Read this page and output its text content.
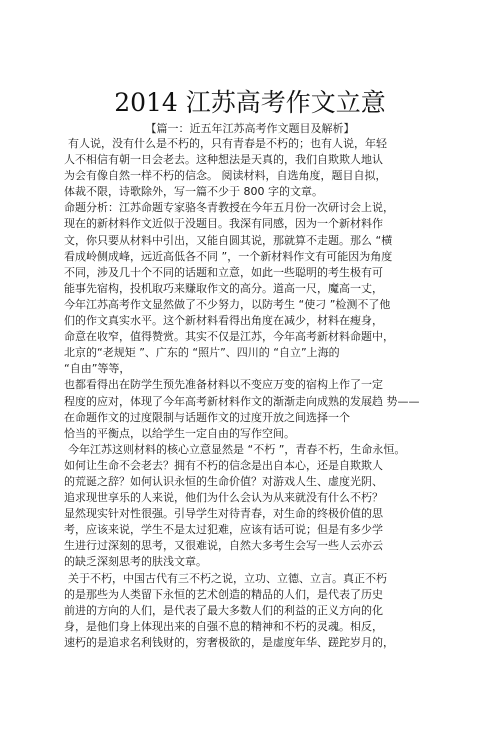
2014 江苏高考作文立意
【篇一：近五年江苏高考作文题目及解析】
有人说，没有什么是不朽的，只有青春是不朽的；也有人说，年轻
人不相信有朝一日会老去。这种想法是天真的，我们自欺欺人地认
为会有像自然一样不朽的信念。 阅读材料，自选角度，题目自拟，
体裁不限，诗歌除外，写一篇不少于 800 字的文章。
命题分析：江苏命题专家骆冬青教授在今年五月份一次研讨会上说，
现在的新材料作文近似于没题目。我深有同感，因为一个新材料作
文，你只要从材料中引出，又能自圆其说，那就算不走题。那么 “横
看成岭侧成峰，远近高低各不同 ”，一个新材料作文有可能因为角度
不同，涉及几十个不同的话题和立意，如此一些聪明的考生极有可
能事先宿构，投机取巧来赚取作文的高分。道高一尺，魔高一丈，
今年江苏高考作文显然做了不少努力，以防考生 “使刁 ”检测不了他
们的作文真实水平。这个新材料看得出角度在减少，材料在瘦身，
命意在收窄，值得赞赏。其实不仅是江苏，今年高考新材料命题中，
北京的“老规矩 ”、广东的 “照片”、四川的 “自立”上海的
“自由”等等，
也都看得出在防学生预先准备材料以不变应万变的宿构上作了一定
程度的应对，体现了今年高考新材料作文的渐渐走向成熟的发展趋 势——
在命题作文的过度限制与话题作文的过度开放之间选择一个
恰当的平衡点，以给学生一定自由的写作空间。
今年江苏这则材料的核心立意显然是 “不朽 ”，青春不朽，生命永恒。
如何让生命不会老去？拥有不朽的信念是出自本心，还是自欺欺人
的荒诞之辞？如何认识永恒的生命价值？对游戏人生、虚度光阴、
追求现世享乐的人来说，他们为什么会认为从来就没有什么不朽？
显然现实针对性很强。引导学生对待青春，对生命的终极价值的思
考，应该来说，学生不是太过犯难，应该有话可说；但是有多少学
生进行过深刻的思考，又很难说，自然大多考生会写一些人云亦云
的缺乏深刻思考的肤浅文章。
关于不朽，中国古代有三不朽之说，立功、立德、立言。真正不朽
的是那些为人类留下永恒的艺术创造的精品的人们，是代表了历史
前进的方向的人们，是代表了最大多数人们的利益的正义方向的化
身，是他们身上体现出来的自强不息的精神和不朽的灵魂。相反，
速朽的是追求名利钱财的，穷奢极欲的，是虚度年华、蹉跎岁月的，
